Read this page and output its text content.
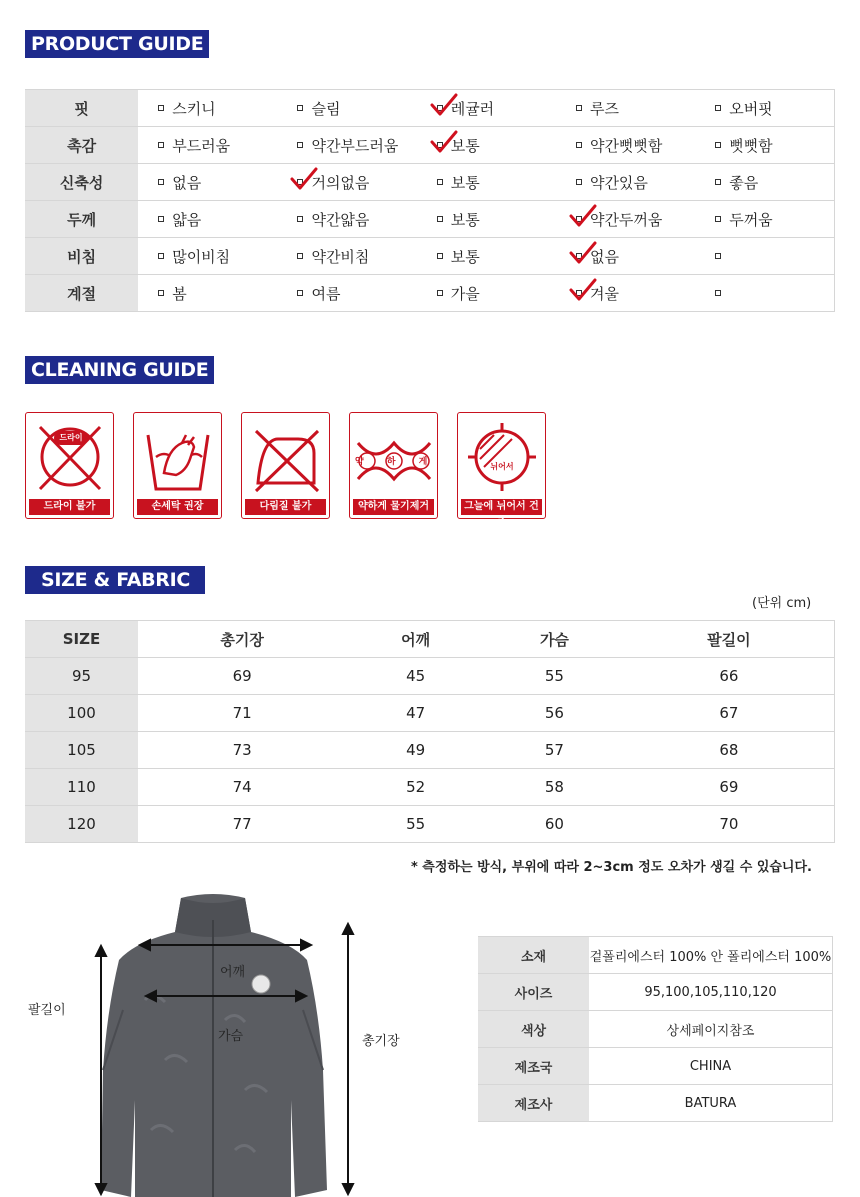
PRODUCT GUIDE
핏	스키니	슬림	레귤러	루즈	오버핏
촉감	부드러움	약간부드러움	보통	약간뻣뻣함	뻣뻣함
신축성	없음	거의없음	보통	약간있음	좋음
두께	얇음	약간얇음	보통	약간두꺼움	두꺼움
비침	많이비침	약간비침	보통	없음	

계절	봄	여름	가을	겨울	
CLEANING GUIDE
드라이
드라이 불가	손세탁 권장	다림질 불가
약 하 게
약하게 물기제거
뉘어서
그늘에 뉘어서 건조
SIZE & FABRIC
(단위 cm)
SIZE	총기장	어깨	가슴	팔길이
95	69	45	55	66
100	71	47	56	67
105	73	49	57	68
110	74	52	58	69
120	77	55	60	70
* 측정하는 방식, 부위에 따라 2~3cm 정도 오차가 생길 수 있습니다.
어깨
가슴
팔길이
총기장
소재	겉폴리에스터 100% 안 폴리에스터 100%
사이즈	95,100,105,110,120
색상	상세페이지참조
제조국	CHINA
제조사	BATURA
